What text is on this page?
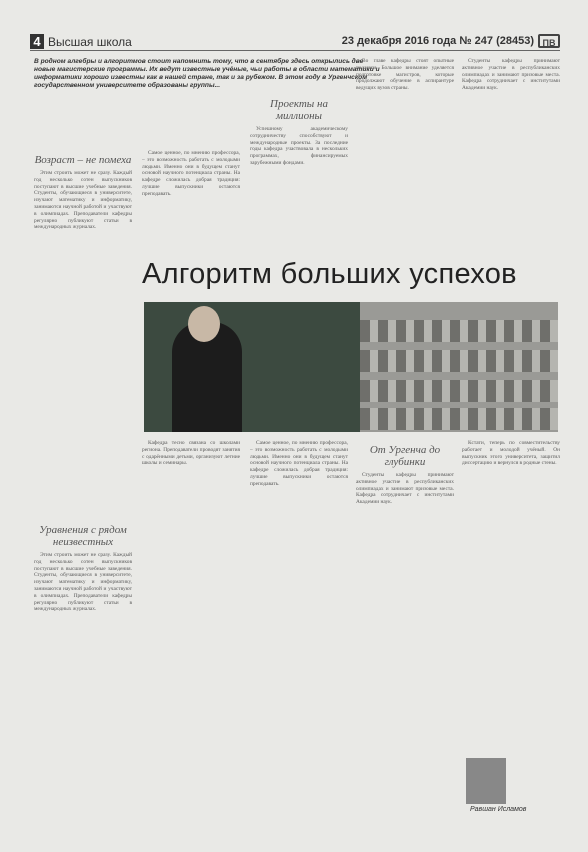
4 Высшая школа	23 декабря 2016 года № 247 (28453) ПВ
В родном алгебры и алгоритмов стоит напомнить тому, что в сентябре здесь открылись две новые магистерские программы. Их ведут известные учёные, чьи работы в области математики и информатики хорошо известны как в нашей стране, так и за рубежом. В этом году в Ургенчском государственном университете образованы группы...
Возраст – не помеха

Этим строить может не сразу. Каждый год несколько сотен выпускников поступают в высшие учебные заведения. Студенты, обучающиеся в университете, изучают математику и информатику, занимаются научной работой и участвуют в олимпиадах. Преподаватели кафедры регулярно публикуют статьи в международных журналах.

Самое ценное, по мнению профессора, – это возможность работать с молодыми людьми. Именно они в будущем станут основой научного потенциала страны. На кафедре сложилась добрая традиция: лучшие выпускники остаются преподавать.

Проекты на миллионы

Успешному академическому сотрудничеству способствуют и международные проекты. За последние годы кафедра участвовала в нескольких программах, финансируемых зарубежными фондами.

Во главе кафедры стоят опытные педагоги. Большое внимание уделяется подготовке магистров, которые продолжают обучение в аспирантуре ведущих вузов страны.

Студенты кафедры принимают активное участие в республиканских олимпиадах и занимают призовые места. Кафедра сотрудничает с институтами Академии наук.

Алгоритм больших успехов

Кафедра тесно связана со школами региона. Преподаватели проводят занятия с одарёнными детьми, организуют летние школы и семинары.

Самое ценное, по мнению профессора, – это возможность работать с молодыми людьми. Именно они в будущем станут основой научного потенциала страны. На кафедре сложилась добрая традиция: лучшие выпускники остаются преподавать.

От Ургенча до глубинки

Студенты кафедры принимают активное участие в республиканских олимпиадах и занимают призовые места. Кафедра сотрудничает с институтами Академии наук.

Кстати, теперь по совместительству работает и молодой учёный. Он выпускник этого университета, защитил диссертацию и вернулся в родные стены.

Уравнения с рядом неизвестных

Этим строить может не сразу. Каждый год несколько сотен выпускников поступают в высшие учебные заведения. Студенты, обучающиеся в университете, изучают математику и информатику, занимаются научной работой и участвуют в олимпиадах. Преподаватели кафедры регулярно публикуют статьи в международных журналах.

Равшан Исламов
